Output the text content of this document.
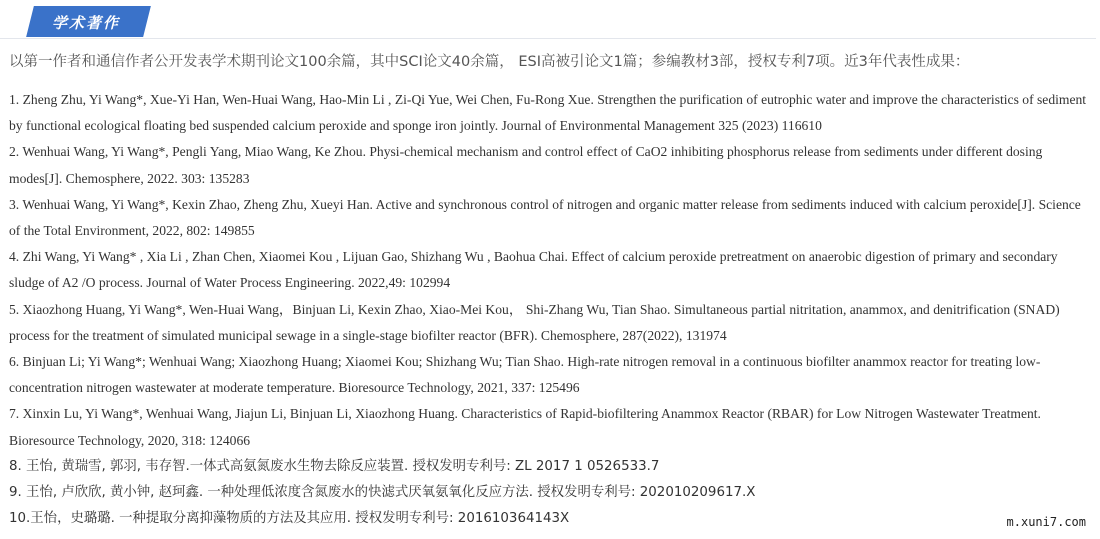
学术著作
以第一作者和通信作者公开发表学术期刊论文100余篇，其中SCI论文40余篇， ESI高被引论文1篇；参编教材3部，授权专利7项。近3年代表性成果：
1. Zheng Zhu, Yi Wang*, Xue-Yi Han, Wen-Huai Wang, Hao-Min Li , Zi-Qi Yue, Wei Chen, Fu-Rong Xue. Strengthen the purification of eutrophic water and improve the characteristics of sediment by functional ecological floating bed suspended calcium peroxide and sponge iron jointly. Journal of Environmental Management 325 (2023) 116610
2. Wenhuai Wang, Yi Wang*, Pengli Yang, Miao Wang, Ke Zhou. Physi-chemical mechanism and control effect of CaO2 inhibiting phosphorus release from sediments under different dosing modes[J]. Chemosphere, 2022. 303: 135283
3. Wenhuai Wang, Yi Wang*, Kexin Zhao, Zheng Zhu, Xueyi Han. Active and synchronous control of nitrogen and organic matter release from sediments induced with calcium peroxide[J]. Science of the Total Environment, 2022, 802: 149855
4. Zhi Wang, Yi Wang* , Xia Li , Zhan Chen, Xiaomei Kou , Lijuan Gao, Shizhang Wu , Baohua Chai. Effect of calcium peroxide pretreatment on anaerobic digestion of primary and secondary sludge of A2 /O process. Journal of Water Process Engineering. 2022,49: 102994
5. Xiaozhong Huang, Yi Wang*, Wen-Huai Wang，Binjuan Li, Kexin Zhao, Xiao-Mei Kou， Shi-Zhang Wu, Tian Shao. Simultaneous partial nitritation, anammox, and denitrification (SNAD) process for the treatment of simulated municipal sewage in a single-stage biofilter reactor (BFR). Chemosphere, 287(2022), 131974
6. Binjuan Li; Yi Wang*; Wenhuai Wang; Xiaozhong Huang; Xiaomei Kou; Shizhang Wu; Tian Shao. High-rate nitrogen removal in a continuous biofilter anammox reactor for treating low-concentration nitrogen wastewater at moderate temperature. Bioresource Technology, 2021, 337: 125496
7. Xinxin Lu, Yi Wang*, Wenhuai Wang, Jiajun Li, Binjuan Li, Xiaozhong Huang. Characteristics of Rapid-biofiltering Anammox Reactor (RBAR) for Low Nitrogen Wastewater Treatment. Bioresource Technology, 2020, 318: 124066
8. 王怡, 黄瑞雪, 郭羽, 韦存智.一体式高氨氮废水生物去除反应装置. 授权发明专利号: ZL 2017 1 0526533.7
9. 王怡, 卢欣欣, 黄小钟, 赵珂鑫. 一种处理低浓度含氮废水的快滤式厌氧氨氧化反应方法. 授权发明专利号: 202010209617.X
10.王怡，史璐璐. 一种提取分离抑藻物质的方法及其应用. 授权发明专利号: 201610364143X	m.xuni7.com
